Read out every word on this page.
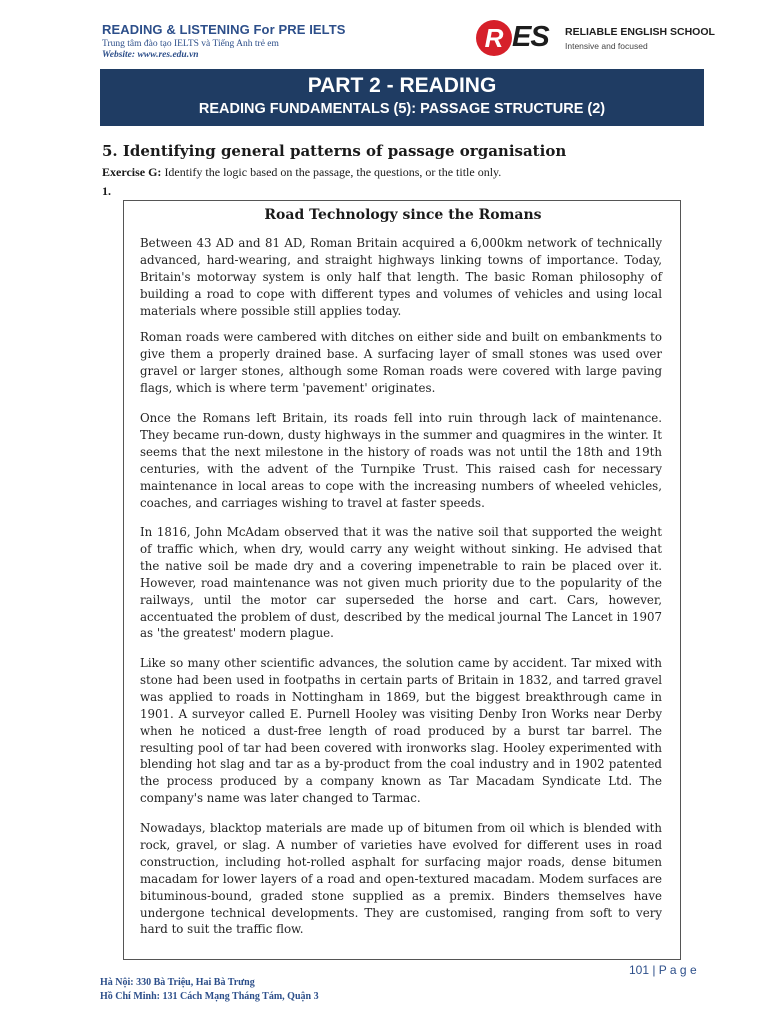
READING & LISTENING For PRE IELTS
Trung tâm đào tạo IELTS và Tiếng Anh trẻ em
Website: www.res.edu.vn
R ES RELIABLE ENGLISH SCHOOL
Intensive and focused
PART 2 - READING
READING FUNDAMENTALS (5): PASSAGE STRUCTURE (2)
5. Identifying general patterns of passage organisation
Exercise G: Identify the logic based on the passage, the questions, or the title only.
1.
Road Technology since the Romans
Between 43 AD and 81 AD, Roman Britain acquired a 6,000km network of technically advanced, hard-wearing, and straight highways linking towns of importance. Today, Britain's motorway system is only half that length. The basic Roman philosophy of building a road to cope with different types and volumes of vehicles and using local materials where possible still applies today.
Roman roads were cambered with ditches on either side and built on embankments to give them a properly drained base. A surfacing layer of small stones was used over gravel or larger stones, although some Roman roads were covered with large paving flags, which is where term 'pavement' originates.
Once the Romans left Britain, its roads fell into ruin through lack of maintenance. They became run-down, dusty highways in the summer and quagmires in the winter. It seems that the next milestone in the history of roads was not until the 18th and 19th centuries, with the advent of the Turnpike Trust. This raised cash for necessary maintenance in local areas to cope with the increasing numbers of wheeled vehicles, coaches, and carriages wishing to travel at faster speeds.
In 1816, John McAdam observed that it was the native soil that supported the weight of traffic which, when dry, would carry any weight without sinking. He advised that the native soil be made dry and a covering impenetrable to rain be placed over it. However, road maintenance was not given much priority due to the popularity of the railways, until the motor car superseded the horse and cart. Cars, however, accentuated the problem of dust, described by the medical journal The Lancet in 1907 as 'the greatest' modern plague.
Like so many other scientific advances, the solution came by accident. Tar mixed with stone had been used in footpaths in certain parts of Britain in 1832, and tarred gravel was applied to roads in Nottingham in 1869, but the biggest breakthrough came in 1901. A surveyor called E. Purnell Hooley was visiting Denby Iron Works near Derby when he noticed a dust-free length of road produced by a burst tar barrel. The resulting pool of tar had been covered with ironworks slag. Hooley experimented with blending hot slag and tar as a by-product from the coal industry and in 1902 patented the process produced by a company known as Tar Macadam Syndicate Ltd. The company's name was later changed to Tarmac.
Nowadays, blacktop materials are made up of bitumen from oil which is blended with rock, gravel, or slag. A number of varieties have evolved for different uses in road construction, including hot-rolled asphalt for surfacing major roads, dense bitumen macadam for lower layers of a road and open-textured macadam. Modem surfaces are bituminous-bound, graded stone supplied as a premix. Binders themselves have undergone technical developments. They are customised, ranging from soft to very hard to suit the traffic flow.
101 | P a g e
Hà Nội: 330 Bà Triệu, Hai Bà Trưng
Hồ Chí Minh: 131 Cách Mạng Tháng Tám, Quận 3
